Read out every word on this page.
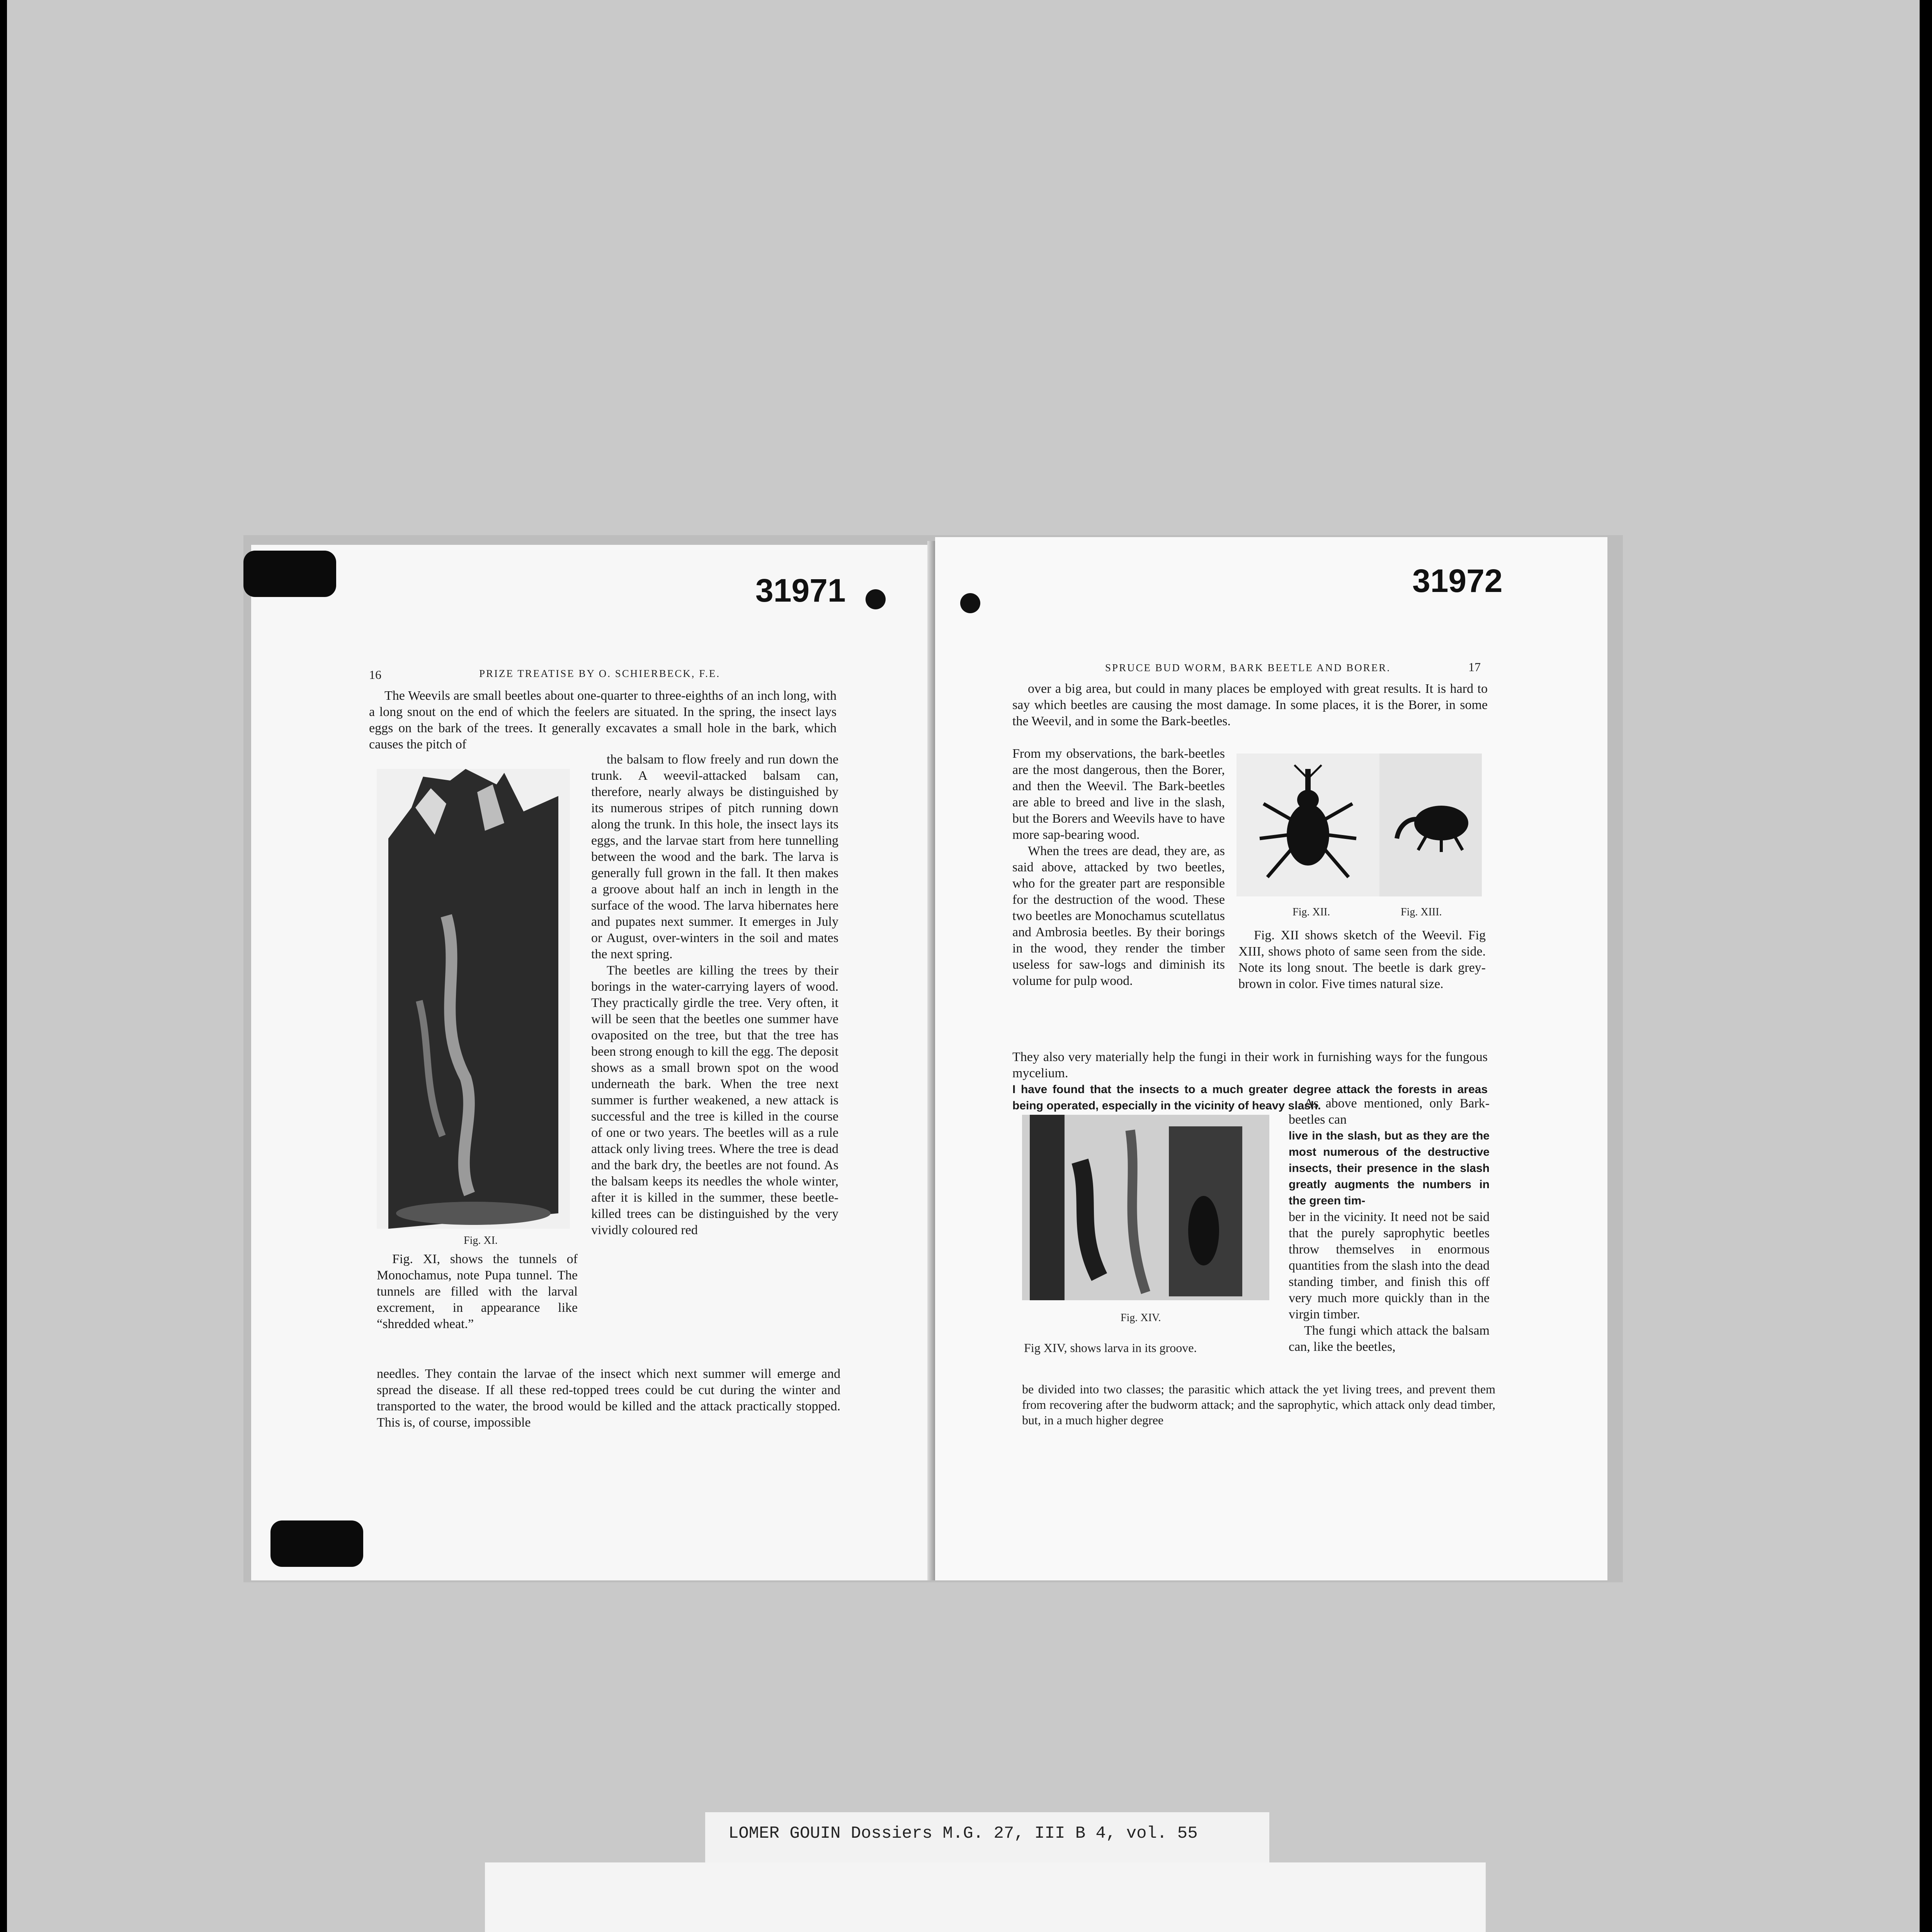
31971	31972
16	PRIZE TREATISE BY O. SCHIERBECK, F.E.

The Weevils are small beetles about one-quarter to three-eighths of an inch long, with a long snout on the end of which the feelers are situated. In the spring, the insect lays eggs on the bark of the trees. It generally excavates a small hole in the bark, which causes the pitch of

Fig. XI.

Fig. XI, shows the tunnels of Monochamus, note Pupa tunnel. The tunnels are filled with the larval excrement, in appearance like “shredded wheat.”

the balsam to flow freely and run down the trunk. A weevil-attacked balsam can, therefore, nearly always be distinguished by its numerous stripes of pitch running down along the trunk. In this hole, the insect lays its eggs, and the larvae start from here tunnelling between the wood and the bark. The larva is generally full grown in the fall. It then makes a groove about half an inch in length in the surface of the wood. The larva hibernates here and pupates next summer. It emerges in July or August, over-winters in the soil and mates the next spring.

The beetles are killing the trees by their borings in the water-carrying layers of wood. They practically girdle the tree. Very often, it will be seen that the beetles one summer have ovaposited on the tree, but that the tree has been strong enough to kill the egg. The deposit shows as a small brown spot on the wood underneath the bark. When the tree next summer is further weakened, a new attack is successful and the tree is killed in the course of one or two years. The beetles will as a rule attack only living trees. Where the tree is dead and the bark dry, the beetles are not found. As the balsam keeps its needles the whole winter, after it is killed in the summer, these beetle-killed trees can be distinguished by the very vividly coloured red

needles. They contain the larvae of the insect which next summer will emerge and spread the disease. If all these red-topped trees could be cut during the winter and transported to the water, the brood would be killed and the attack practically stopped. This is, of course, impossible

SPRUCE BUD WORM, BARK BEETLE AND BORER.	17

over a big area, but could in many places be employed with great results. It is hard to say which beetles are causing the most damage. In some places, it is the Borer, in some the Weevil, and in some the Bark-beetles.

From my observations, the bark-beetles are the most dangerous, then the Borer, and then the Weevil. The Bark-beetles are able to breed and live in the slash, but the Borers and Weevils have to have more sap-bearing wood.

When the trees are dead, they are, as said above, attacked by two beetles, who for the greater part are responsible for the destruction of the wood. These two beetles are Monochamus scutellatus and Ambrosia beetles. By their borings in the wood, they render the timber useless for saw-logs and diminish its volume for pulp wood.

Fig. XII.	Fig. XIII.

Fig. XII shows sketch of the Weevil. Fig XIII, shows photo of same seen from the side. Note its long snout. The beetle is dark grey-brown in color. Five times natural size.

They also very materially help the fungi in their work in furnishing ways for the fungous mycelium.

I have found that the insects to a much greater degree attack the forests in areas being operated, especially in the vicinity of heavy slash.

Fig. XIV.
Fig XIV, shows larva in its groove.

As above mentioned, only Bark-beetles can

live in the slash, but as they are the most numerous of the destructive insects, their presence in the slash greatly augments the numbers in the green tim-

ber in the vicinity. It need not be said that the purely saprophytic beetles throw themselves in enormous quantities from the slash into the dead standing timber, and finish this off very much more quickly than in the virgin timber.

The fungi which attack the balsam can, like the beetles,

be divided into two classes; the parasitic which attack the yet living trees, and prevent them from recovering after the budworm attack; and the saprophytic, which attack only dead timber, but, in a much higher degree

LOMER GOUIN Dossiers M.G. 27, III B 4, vol. 55
